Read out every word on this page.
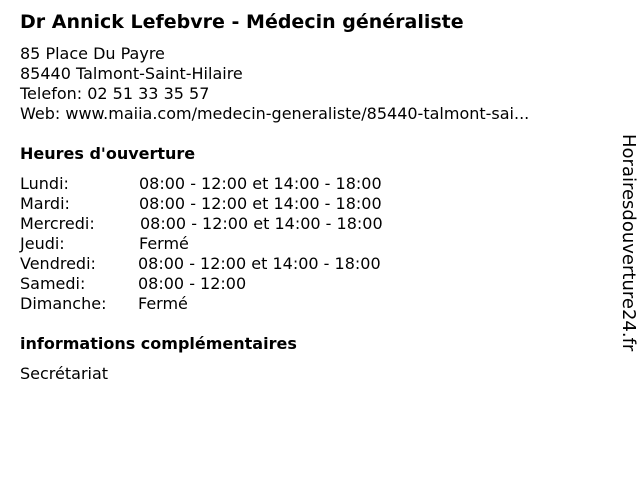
Dr Annick Lefebvre - Médecin généraliste
85 Place Du Payre
85440 Talmont-Saint-Hilaire
Telefon: 02 51 33 35 57
Web: www.maiia.com/medecin-generaliste/85440-talmont-sai...
Heures d'ouverture
Lundi:	08:00 - 12:00 et 14:00 - 18:00
Mardi:	08:00 - 12:00 et 14:00 - 18:00
Mercredi:	08:00 - 12:00 et 14:00 - 18:00
Jeudi:	Fermé
Vendredi:	08:00 - 12:00 et 14:00 - 18:00
Samedi:	08:00 - 12:00
Dimanche: Fermé
informations complémentaires
Secrétariat
Horairesdouverture24.fr
